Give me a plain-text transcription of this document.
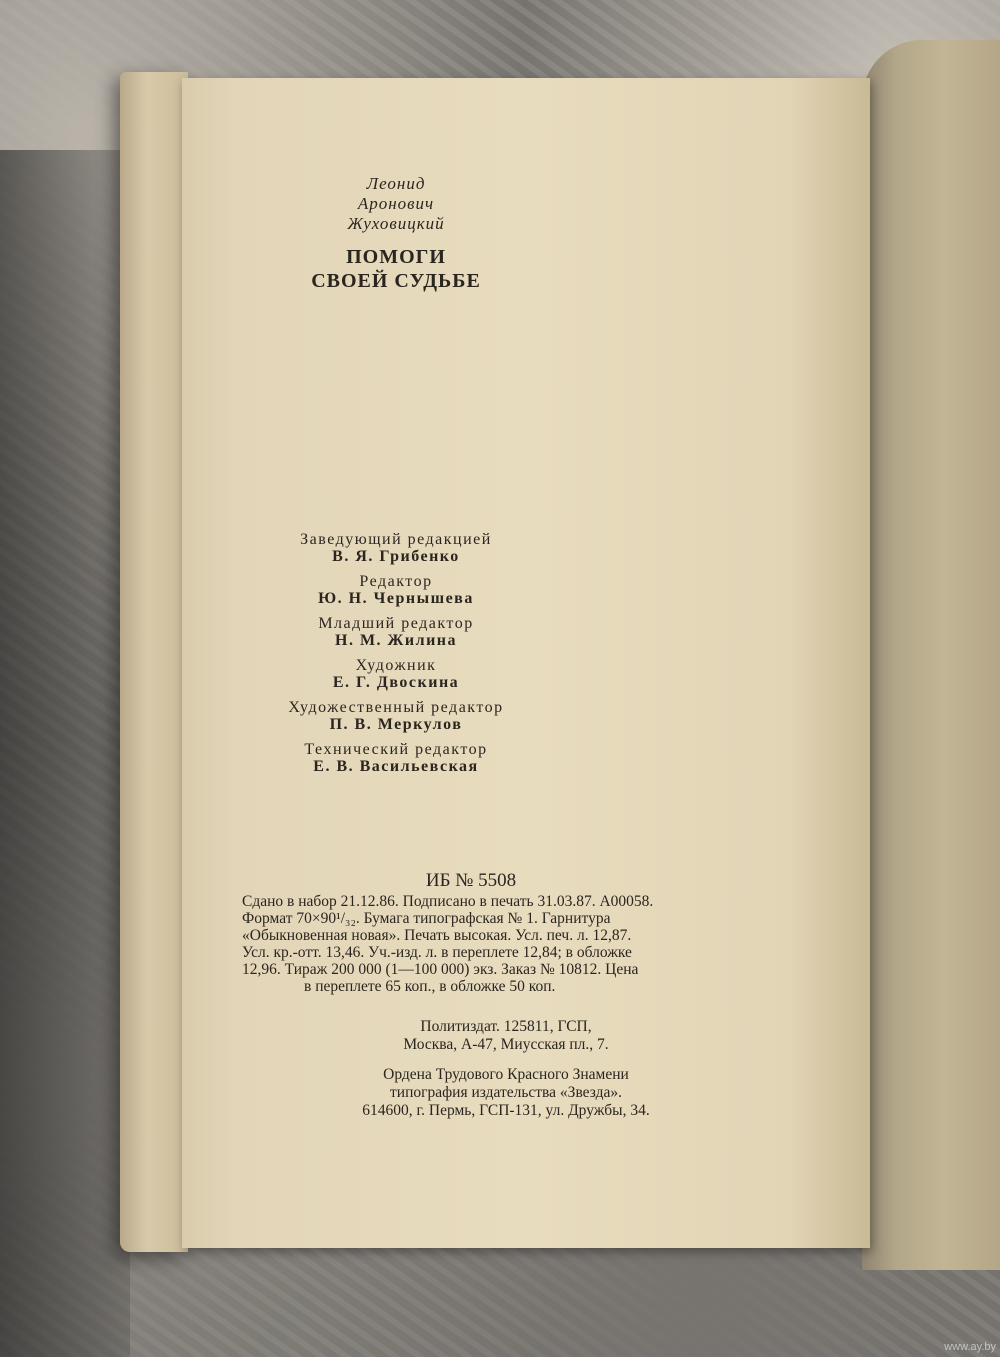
Леонид
Аронович
Жуховицкий
ПОМОГИ
СВОЕЙ СУДЬБЕ
Заведующий редакцией
В. Я. Грибенко
Редактор
Ю. Н. Чернышева
Младший редактор
Н. М. Жилина
Художник
Е. Г. Двоскина
Художественный редактор
П. В. Меркулов
Технический редактор
Е. В. Васильевская
ИБ № 5508
Сдано в набор 21.12.86. Подписано в печать 31.03.87. А00058.
Формат 70×90¹/₃₂. Бумага типографская № 1. Гарнитура
«Обыкновенная новая». Печать высокая. Усл. печ. л. 12,87.
Усл. кр.-отт. 13,46. Уч.-изд. л. в переплете 12,84; в обложке
12,96. Тираж 200 000 (1—100 000) экз. Заказ № 10812. Цена
в переплете 65 коп., в обложке 50 коп.
Политиздат. 125811, ГСП,
Москва, А-47, Миусская пл., 7.
Ордена Трудового Красного Знамени
типография издательства «Звезда».
614600, г. Пермь, ГСП-131, ул. Дружбы, 34.
www.ay.by
